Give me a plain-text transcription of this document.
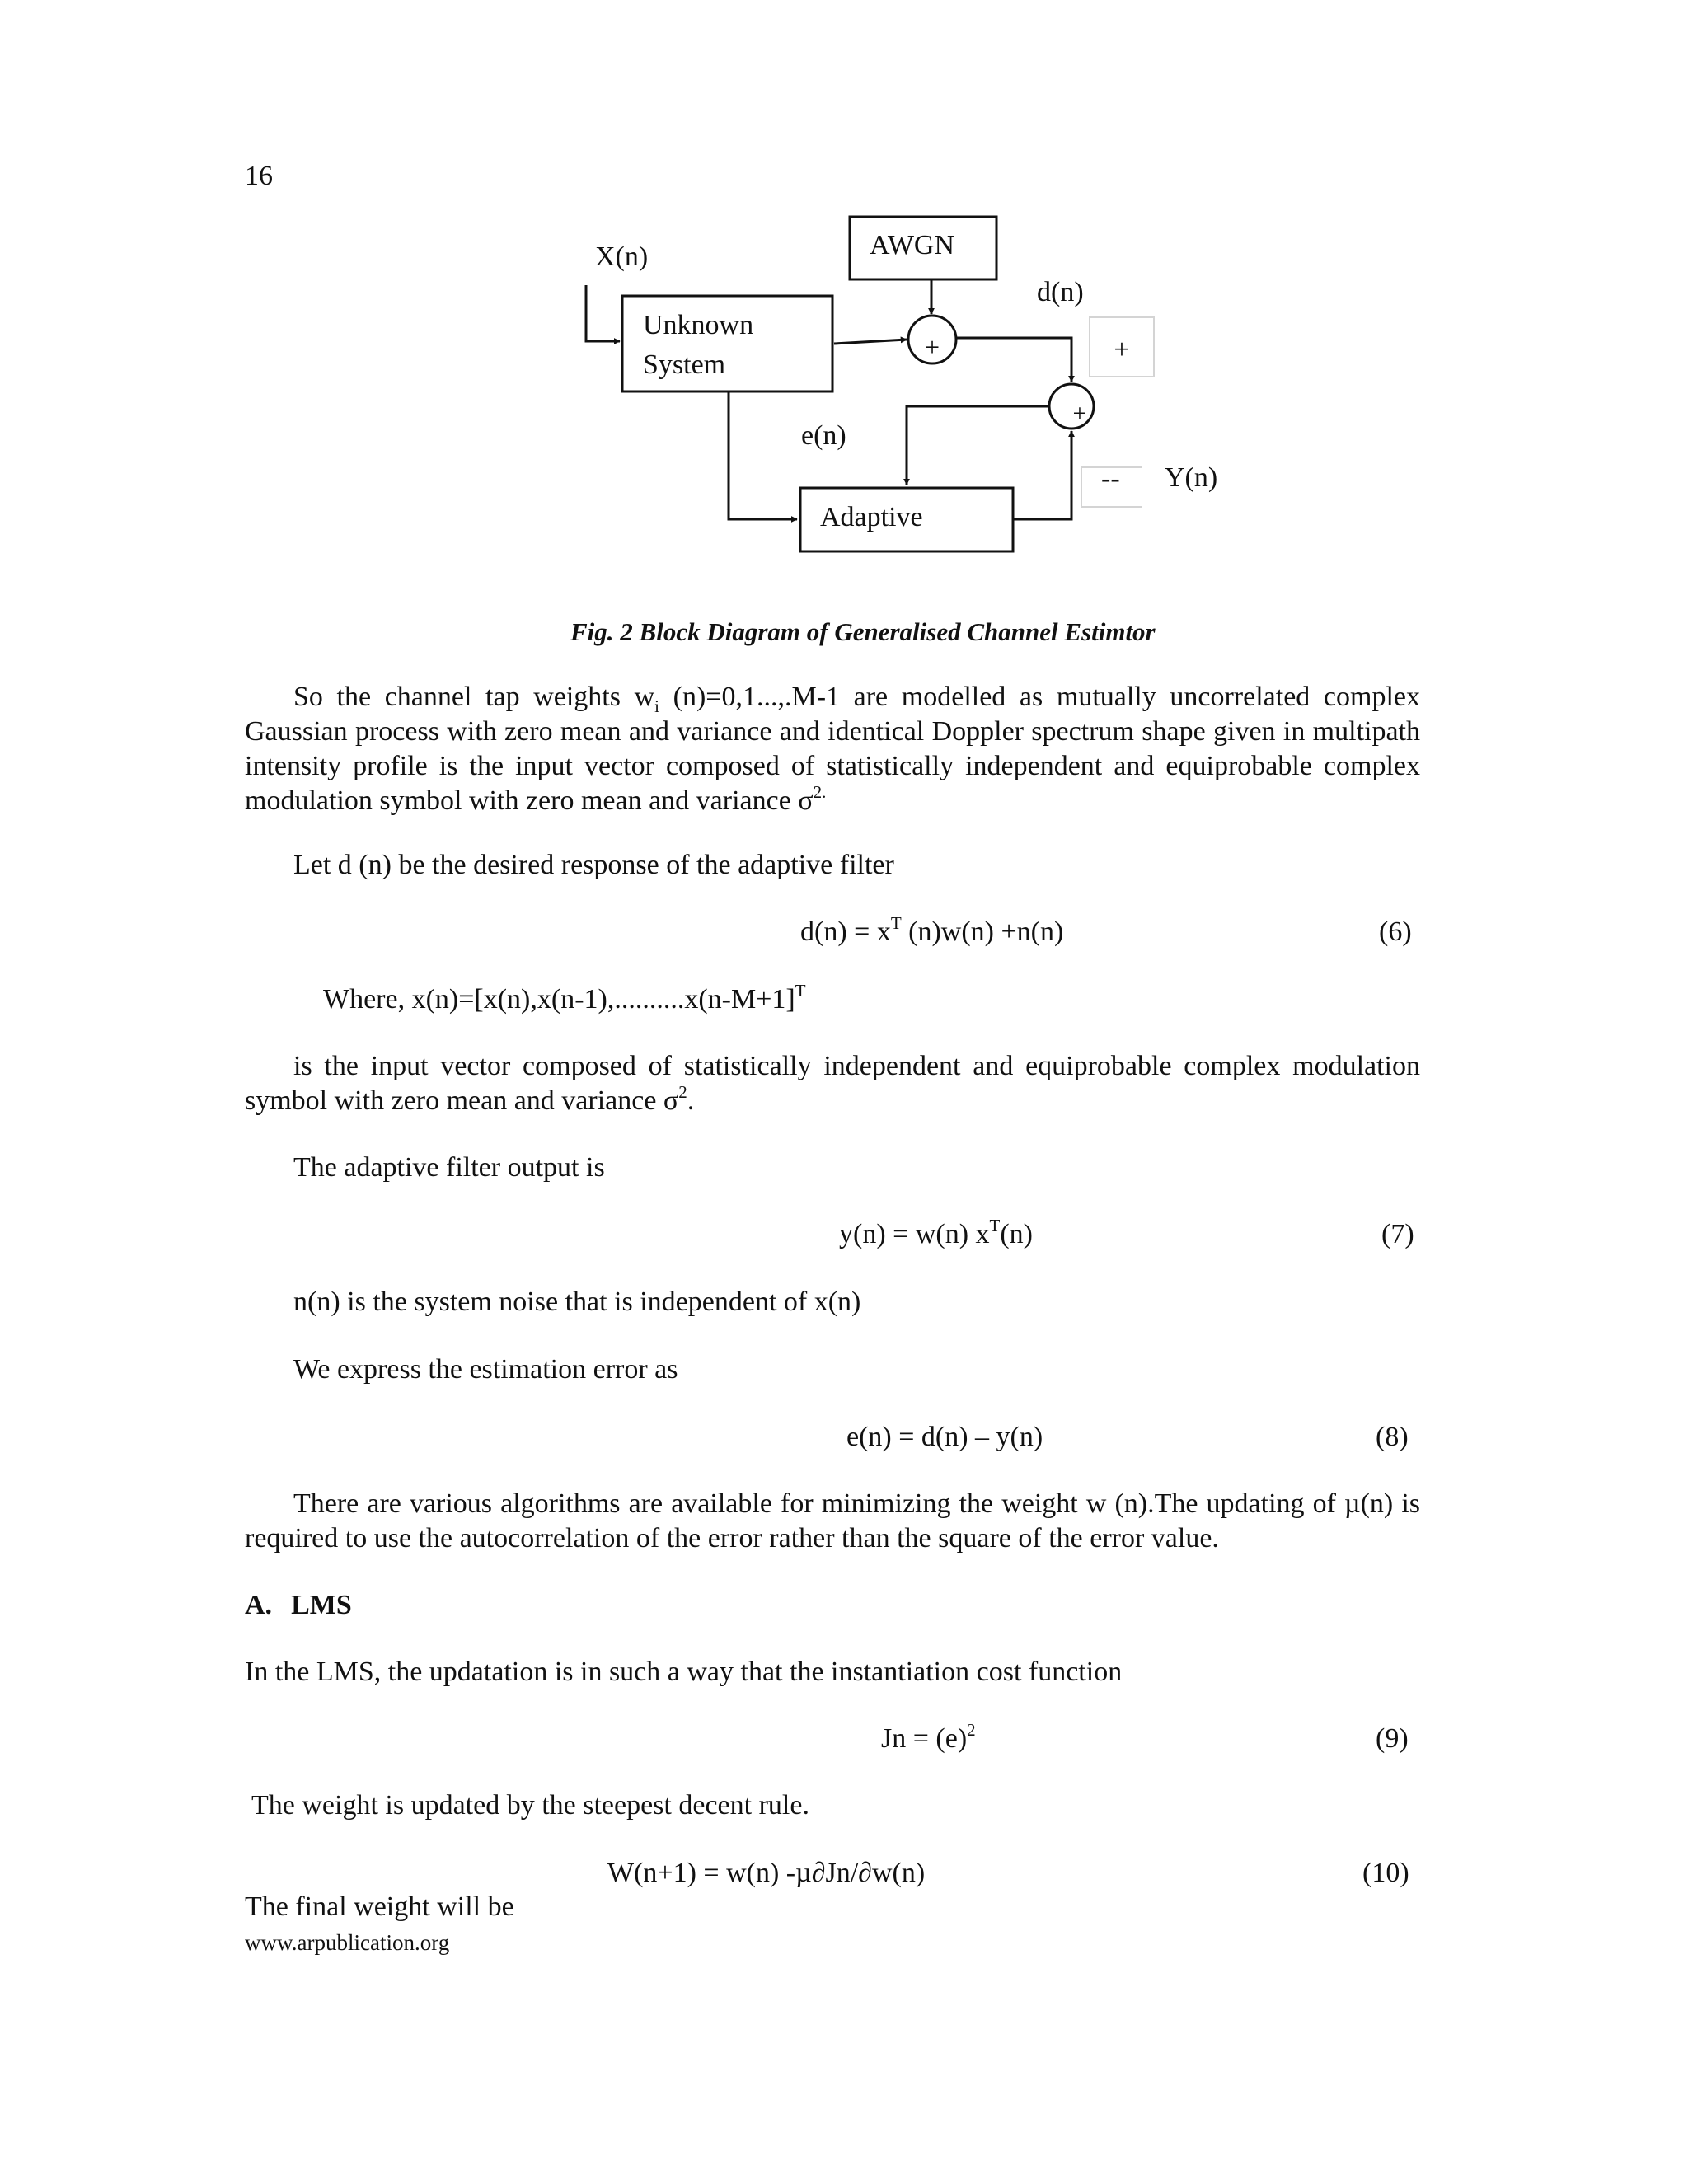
16
X(n)	AWGN
d(n)
Unknown
System
+	+
+
e(n)
-- Y(n)
Adaptive
Fig. 2 Block Diagram of Generalised Channel Estimtor
So the channel tap weights $w_i$ (n)=0,1...,.M-1 are modelled as mutually uncorrelated complex Gaussian process with zero mean and variance and identical Doppler spectrum shape given in multipath intensity profile is the input vector composed of statistically independent and equiprobable complex modulation symbol with zero mean and variance $\sigma^{2.}$
Let d (n) be the desired response of the adaptive filter
$d(n) = x^T$ (n)w(n) +n(n)	(6)
Where, $x(n)=[x(n),x(n-1),..........x(n-M+1]^T$
is the input vector composed of statistically independent and equiprobable complex modulation symbol with zero mean and variance $\sigma^2$.
The adaptive filter output is
y(n) = w(n) $x^T(n)$	(7)
n(n) is the system noise that is independent of x(n)
We express the estimation error as
e(n) = d(n) – y(n)	(8)
There are various algorithms are available for minimizing the weight w (n).The updating of µ(n) is required to use the autocorrelation of the error rather than the square of the error value.
A. LMS
In the LMS, the updatation is in such a way that the instantiation cost function
$Jn = (e)^2$	(9)
The weight is updated by the steepest decent rule.
W(n+1) = w(n) -µ∂Jn/∂w(n)	(10)
The final weight will be
www.arpublication.org
